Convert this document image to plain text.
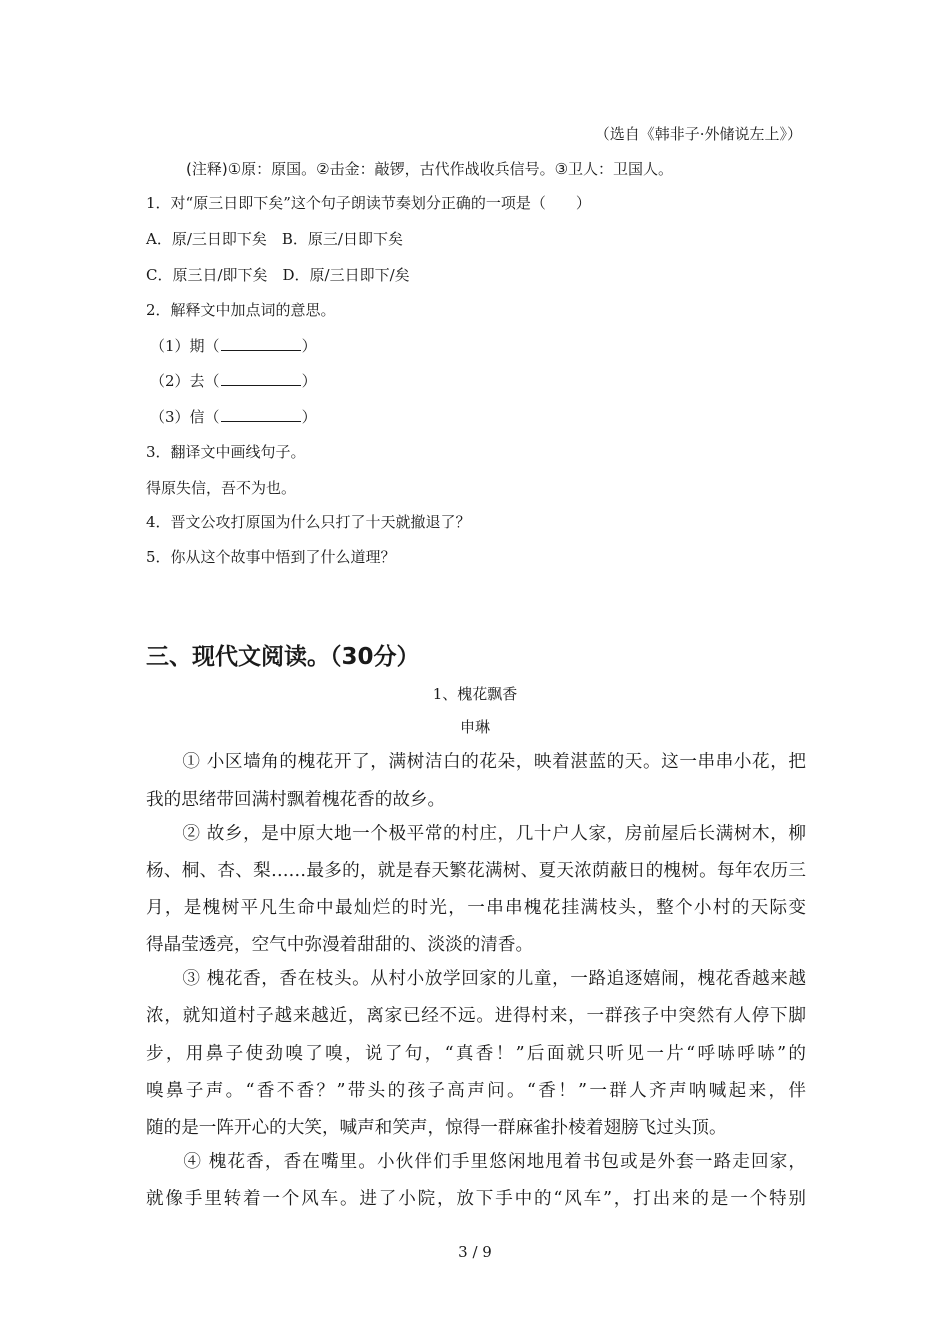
（选自《韩非子·外储说左上》）
(注释)①原：原国。②击金：敲锣，古代作战收兵信号。③卫人：卫国人。
1．对“原三日即下矣”这个句子朗读节奏划分正确的一项是（　　）
A．原/三日即下矣　B．原三/日即下矣
C．原三日/即下矣　D．原/三日即下/矣
2．解释文中加点词的意思。
（1）期（	）
（2）去（	）
（3）信（	）
3．翻译文中画线句子。
得原失信，吾不为也。
4．晋文公攻打原国为什么只打了十天就撤退了？
5．你从这个故事中悟到了什么道理？
三、现代文阅读。（30分）
1、槐花飘香
申琳
　　① 小区墙角的槐花开了，满树洁白的花朵，映着湛蓝的天。这一串串小花，把
我的思绪带回满村飘着槐花香的故乡。
　　② 故乡，是中原大地一个极平常的村庄，几十户人家，房前屋后长满树木，柳
杨、桐、杏、梨……最多的，就是春天繁花满树、夏天浓荫蔽日的槐树。每年农历三
月，是槐树平凡生命中最灿烂的时光，一串串槐花挂满枝头，整个小村的天际变
得晶莹透亮，空气中弥漫着甜甜的、淡淡的清香。
　　③ 槐花香，香在枝头。从村小放学回家的儿童，一路追逐嬉闹，槐花香越来越
浓，就知道村子越来越近，离家已经不远。进得村来，一群孩子中突然有人停下脚
步，用鼻子使劲嗅了嗅，说了句，“真香！”后面就只听见一片“呼哧呼哧”的
嗅鼻子声。“香不香？”带头的孩子高声问。“香！”一群人齐声呐喊起来，伴
随的是一阵开心的大笑，喊声和笑声，惊得一群麻雀扑棱着翅膀飞过头顶。
　　④ 槐花香，香在嘴里。小伙伴们手里悠闲地甩着书包或是外套一路走回家，
就像手里转着一个风车。进了小院，放下手中的“风车”，打出来的是一个特别
3 / 9
